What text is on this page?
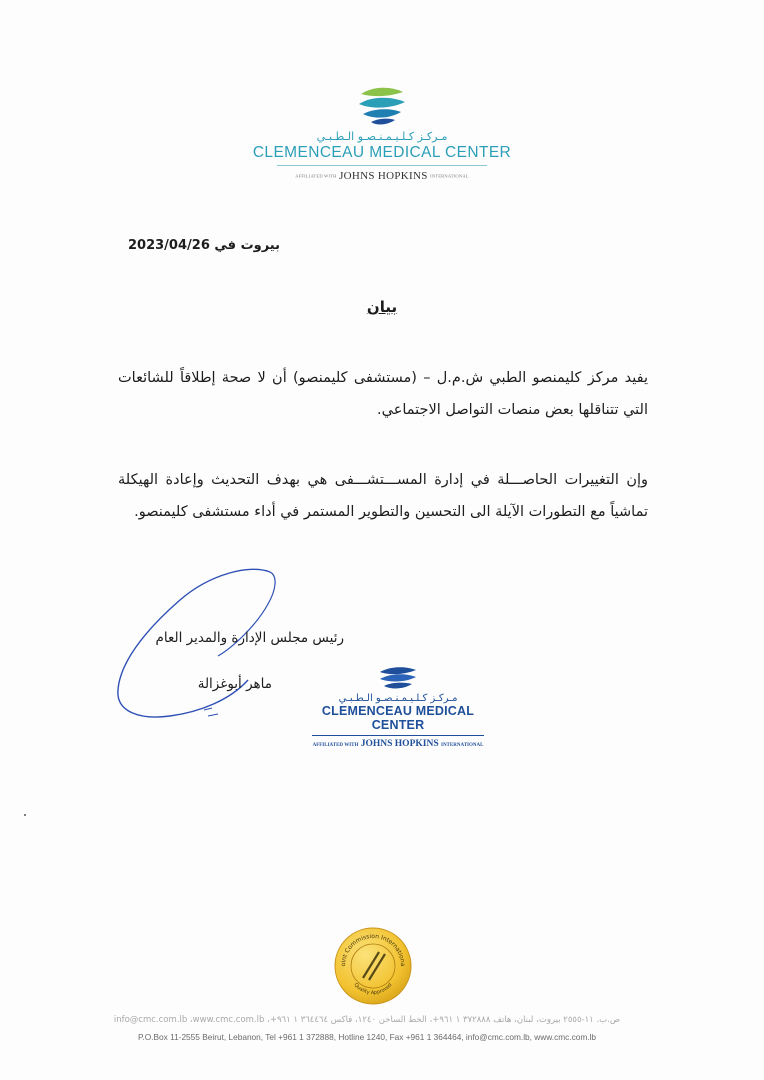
مـركـز كـلـيـمـنـصـو الـطـبـي
CLEMENCEAU MEDICAL CENTER
AFFILIATED WITH JOHNS HOPKINS INTERNATIONAL
بيروت في 2023/04/26
بيان
يفيد مركز كليمنصو الطبي ش.م.ل – (مستشفى كليمنصو) أن لا صحة إطلاقاً للشائعات التي تتناقلها بعض منصات التواصل الاجتماعي.
وإن التغييرات الحاصـــلة في إدارة المســـتشـــفى هي بهدف التحديث وإعادة الهيكلة تماشياً مع التطورات الآيلة الى التحسين والتطوير المستمر في أداء مستشفى كليمنصو.
رئيس مجلس الإدارة والمدير العام
ماهر أبوغزالة
مـركـز كـلـيـمـنـصـو الـطـبـي
CLEMENCEAU MEDICAL CENTER
AFFILIATED WITH JOHNS HOPKINS INTERNATIONAL
oint Commission Internationa
Quality Approved
ص.ب. ١١-٢٥٥٥ بيروت، لبنان، هاتف ٣٧٢٨٨٨ ١ ٩٦١+، الخط الساخن ١٢٤٠، فاكس ٣٦٤٤٦٤ ١ ٩٦١+، info@cmc.com.lb ،www.cmc.com.lb
P.O.Box 11-2555 Beirut, Lebanon, Tel +961 1 372888, Hotline 1240, Fax +961 1 364464, info@cmc.com.lb, www.cmc.com.lb
